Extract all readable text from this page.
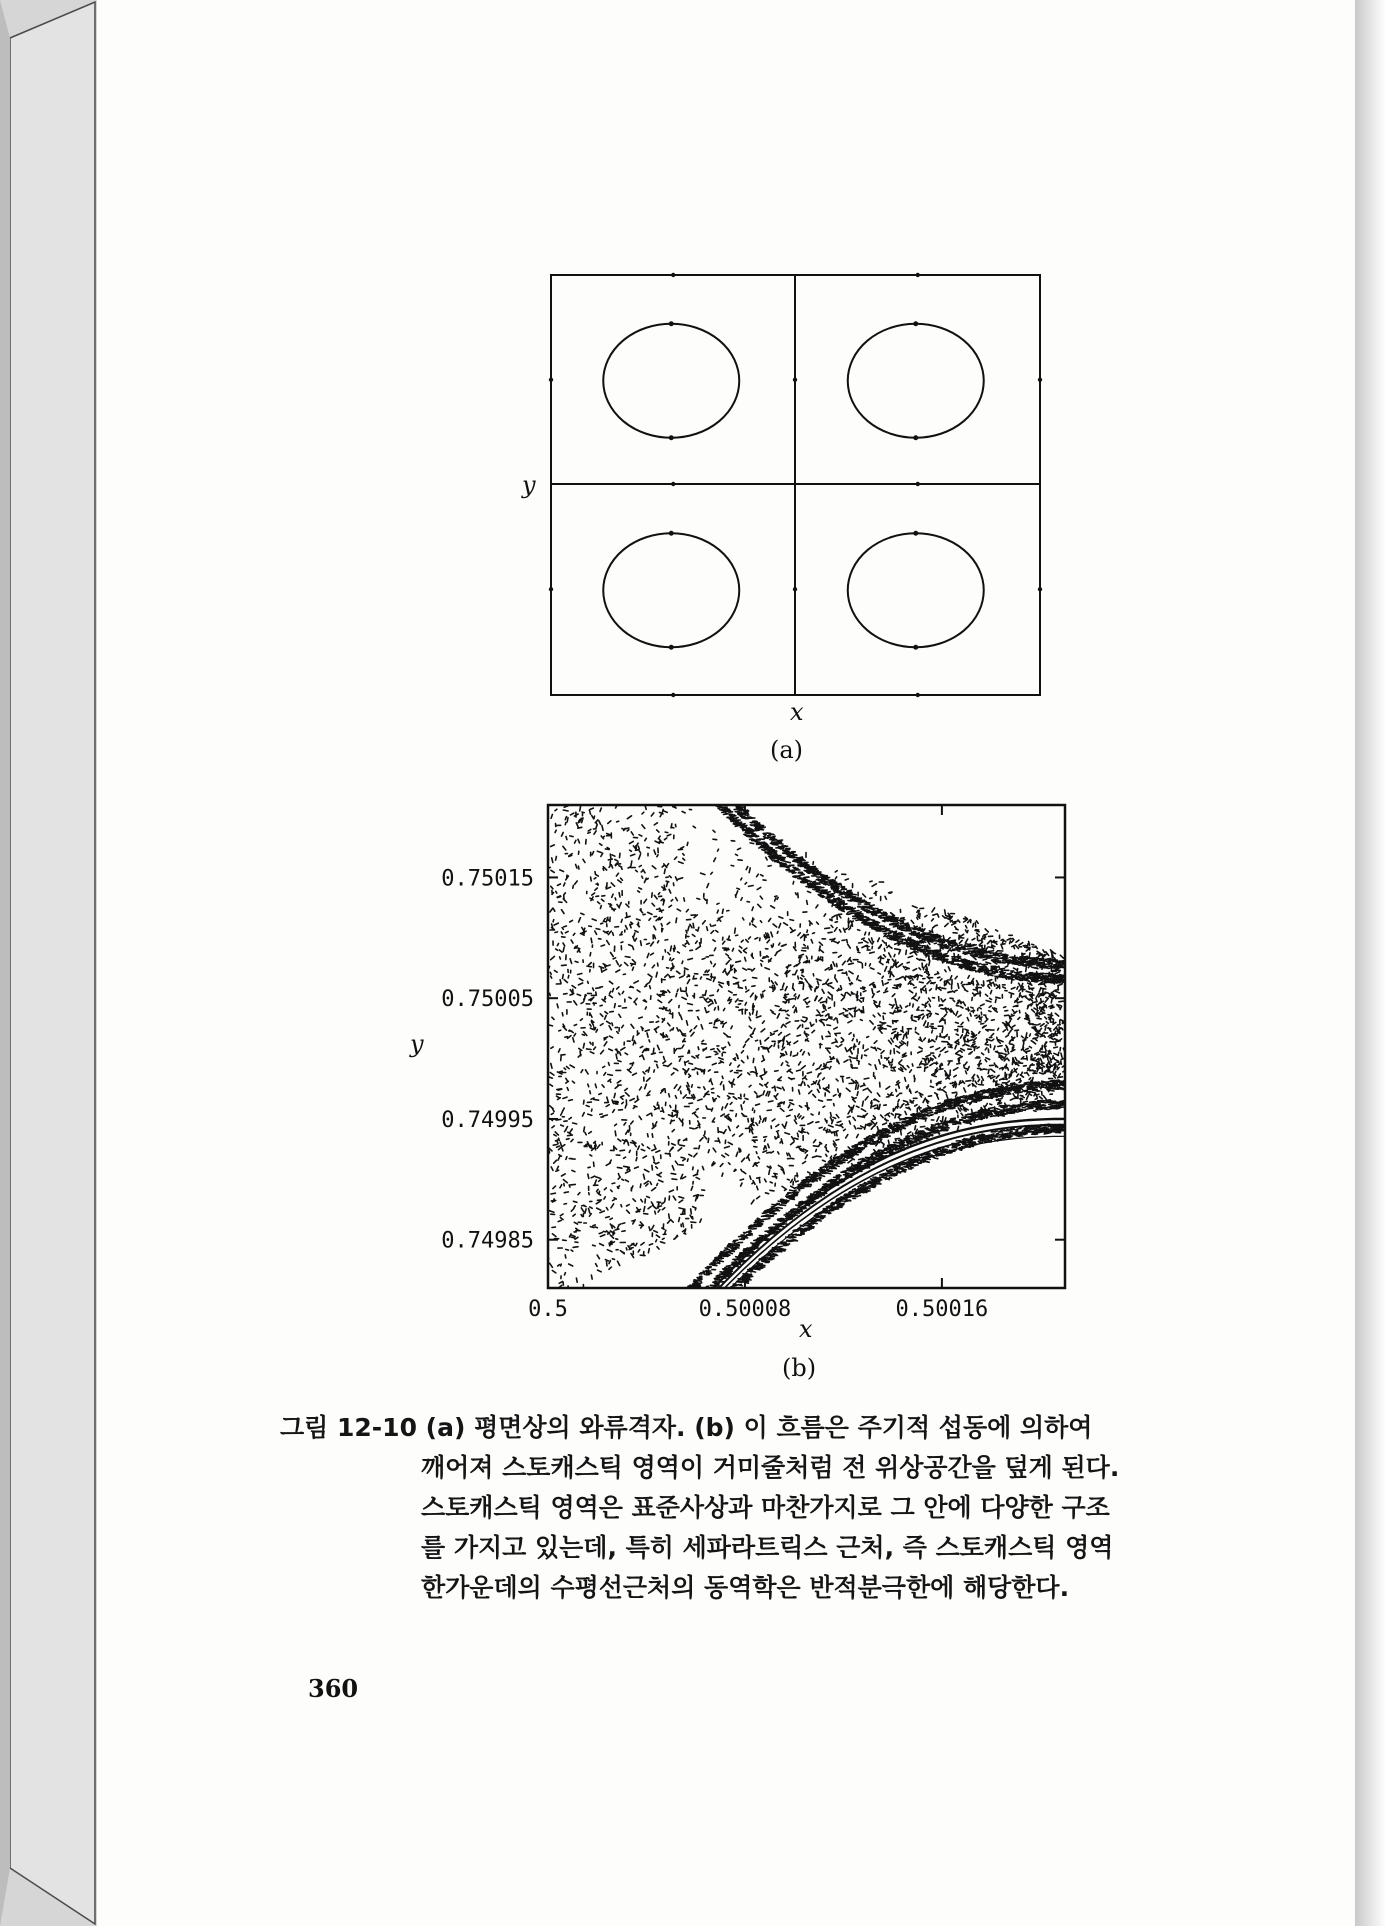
y
x
(a)
0.5	0.50008	0.50016
0.74985
0.74995
0.75005
0.75015
y
x
(b)
그림 12-10 (a) 평면상의 와류격자. (b) 이 흐름은 주기적 섭동에 의하여
깨어져 스토캐스틱 영역이 거미줄처럼 전 위상공간을 덮게 된다.
스토캐스틱 영역은 표준사상과 마찬가지로 그 안에 다양한 구조
를 가지고 있는데, 특히 세파라트릭스 근처, 즉 스토캐스틱 영역
한가운데의 수평선근처의 동역학은 반적분극한에 해당한다.
360
